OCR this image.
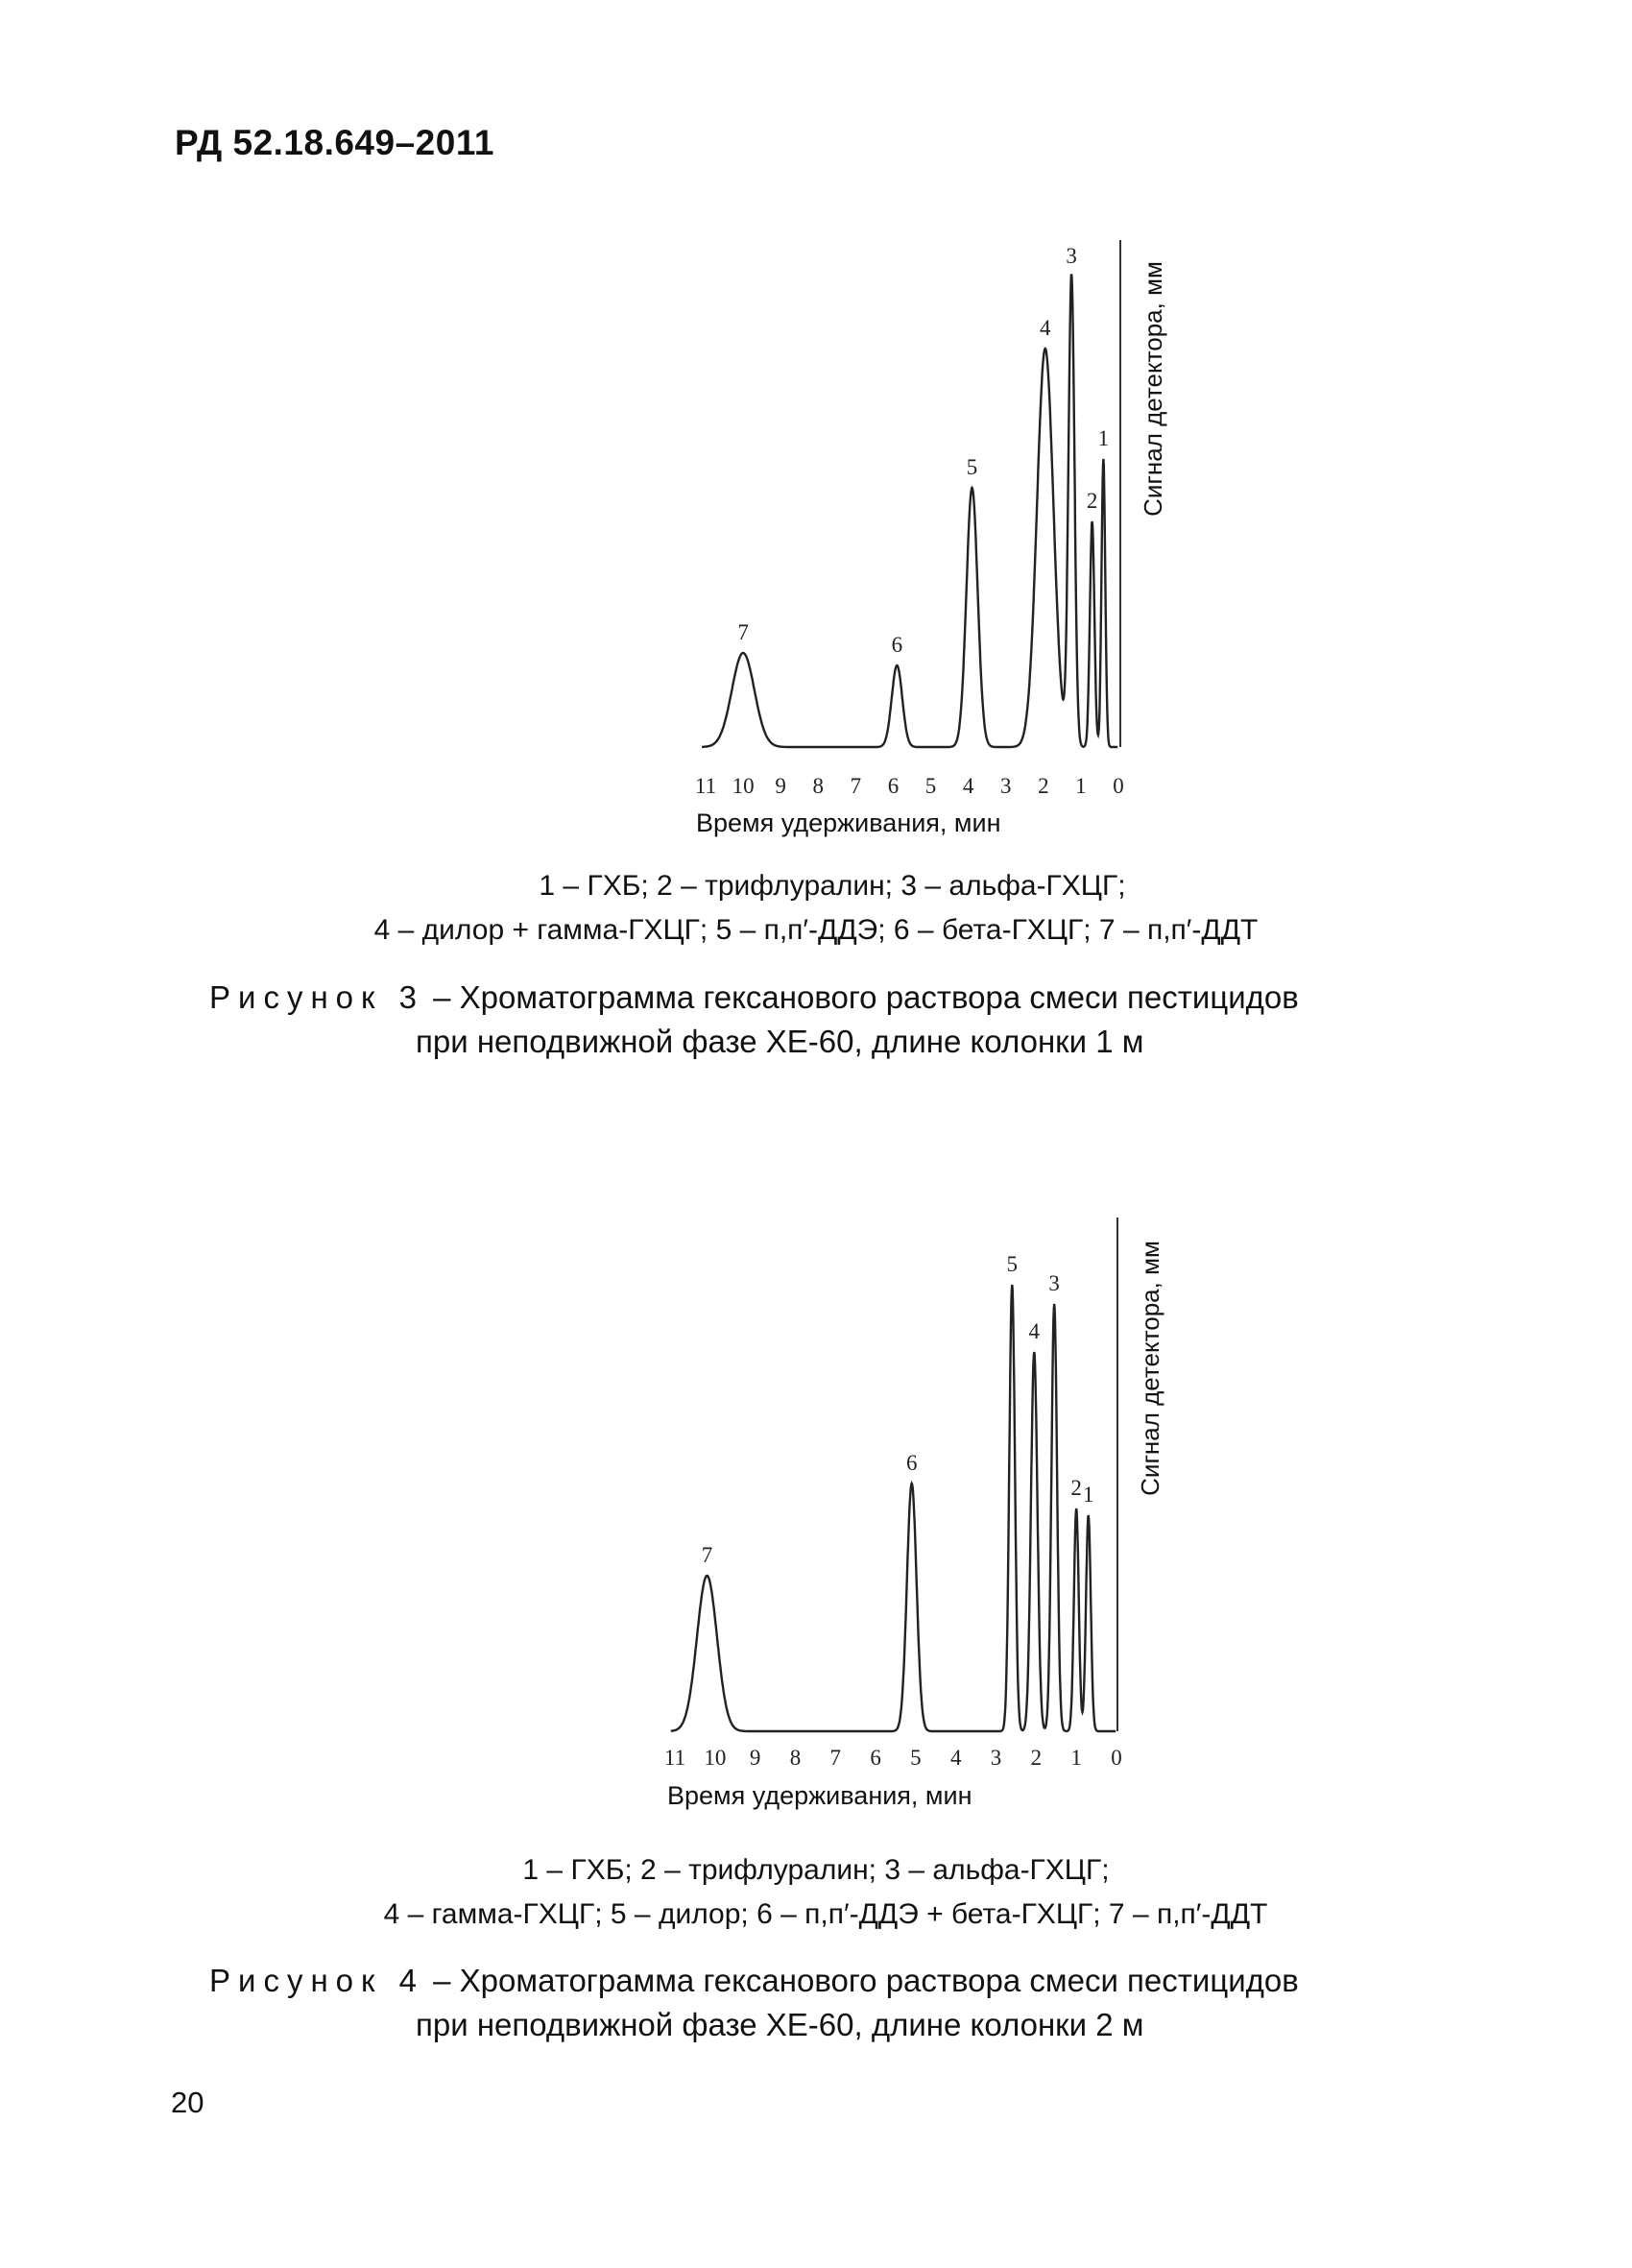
РД 52.18.649–2011
Сигнал детектора, мм
11 10 9 8 7 6 5 4 3 2 1 0
1
2
3
4
5
6
7
Сигнал детектора, мм
11 10 9 8 7 6 5 4 3 2 1 0
1
2
3
4
5
6
7
Время удерживания, мин
1 – ГХБ; 2 – трифлуралин; 3 – альфа-ГХЦГ;
4 – дилор + гамма-ГХЦГ; 5 – п,п′-ДДЭ; 6 – бета-ГХЦГ; 7 – п,п′-ДДТ
Рисунок 3 – Хроматограмма гексанового раствора смеси пестицидов
при неподвижной фазе ХЕ-60, длине колонки 1 м
Время удерживания, мин
1 – ГХБ; 2 – трифлуралин; 3 – альфа-ГХЦГ;
4 – гамма-ГХЦГ; 5 – дилор; 6 – п,п′-ДДЭ + бета-ГХЦГ; 7 – п,п′-ДДТ
Рисунок 4 – Хроматограмма гексанового раствора смеси пестицидов
при неподвижной фазе ХЕ-60, длине колонки 2 м
20
